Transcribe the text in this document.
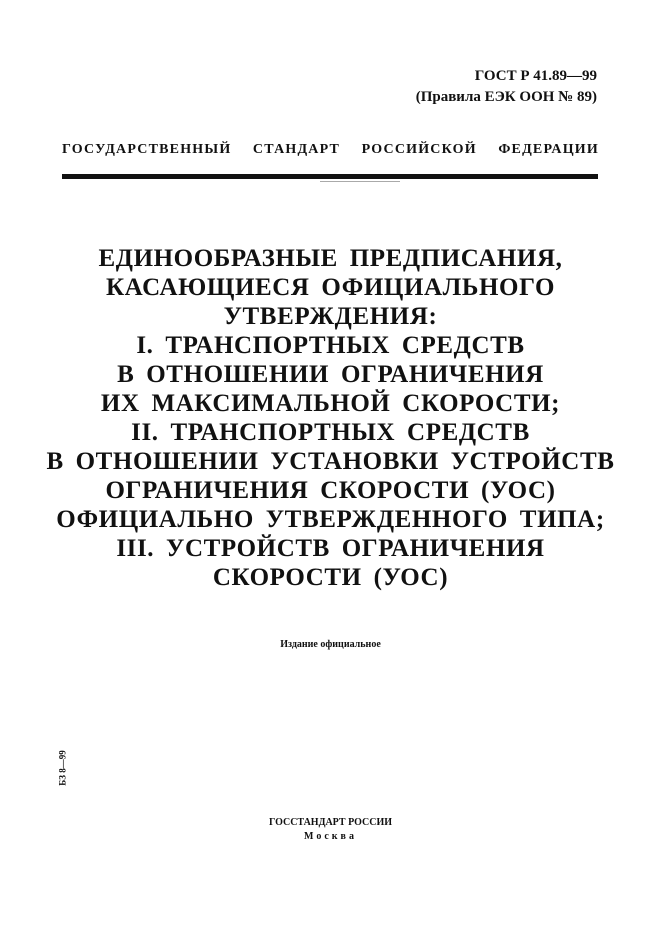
ГОСТ Р 41.89—99
(Правила ЕЭК ООН № 89)
ГОСУДАРСТВЕННЫЙ СТАНДАРТ РОССИЙСКОЙ ФЕДЕРАЦИИ
ЕДИНООБРАЗНЫЕ ПРЕДПИСАНИЯ,
КАСАЮЩИЕСЯ ОФИЦИАЛЬНОГО
УТВЕРЖДЕНИЯ:
I. ТРАНСПОРТНЫХ СРЕДСТВ
В ОТНОШЕНИИ ОГРАНИЧЕНИЯ
ИХ МАКСИМАЛЬНОЙ СКОРОСТИ;
II. ТРАНСПОРТНЫХ СРЕДСТВ
В ОТНОШЕНИИ УСТАНОВКИ УСТРОЙСТВ
ОГРАНИЧЕНИЯ СКОРОСТИ (УОС)
ОФИЦИАЛЬНО УТВЕРЖДЕННОГО ТИПА;
III. УСТРОЙСТВ ОГРАНИЧЕНИЯ
СКОРОСТИ (УОС)
Издание официальное
БЗ 8—99
ГОССТАНДАРТ РОССИИ
Москва
